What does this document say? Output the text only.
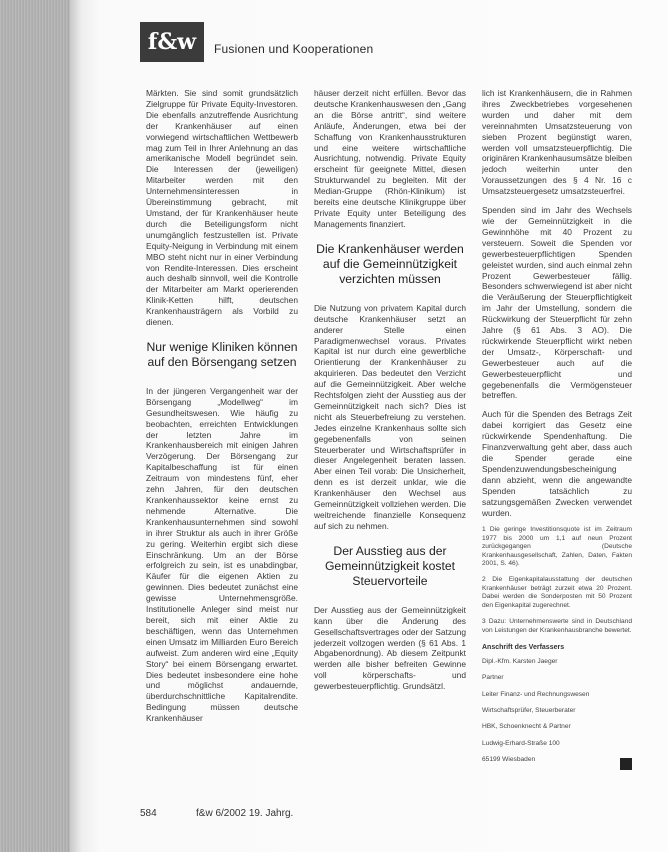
f&w	Fusionen und Kooperationen

Märkten. Sie sind somit grundsätzlich Zielgruppe für Private Equity-Investoren. Die ebenfalls anzutreffende Ausrichtung der Krankenhäuser auf einen vorwiegend wirtschaftlichen Wettbewerb mag zum Teil in Ihrer Anlehnung an das amerikanische Modell begründet sein. Die Interessen der (jeweiligen) Mitarbeiter werden mit den Unternehmensinteressen in Übereinstimmung gebracht, mit Umstand, der für Krankenhäuser heute durch die Beteiligungsform nicht unumgänglich festzustellen ist. Private Equity-Neigung in Verbindung mit einem MBO steht nicht nur in einer Verbindung von Rendite-Interessen. Dies erscheint auch deshalb sinnvoll, weil die Kontrolle der Mitarbeiter am Markt operierenden Klinik-Ketten hilft, deutschen Krankenhausträgern als Vorbild zu dienen.

Nur wenige Kliniken können auf den Börsengang setzen

In der jüngeren Vergangenheit war der Börsengang „Modellweg“ im Gesundheitswesen. Wie häufig zu beobachten, erreichten Entwicklungen der letzten Jahre im Krankenhausbereich mit einigen Jahren Verzögerung. Der Börsengang zur Kapitalbeschaffung ist für einen Zeitraum von mindestens fünf, eher zehn Jahren, für den deutschen Krankenhaussektor keine ernst zu nehmende Alternative. Die Krankenhausunternehmen sind sowohl in ihrer Struktur als auch in ihrer Größe zu gering. Weiterhin ergibt sich diese Einschränkung. Um an der Börse erfolgreich zu sein, ist es unabdingbar, Käufer für die eigenen Aktien zu gewinnen. Dies bedeutet zunächst eine gewisse Unternehmensgröße. Institutionelle Anleger sind meist nur bereit, sich mit einer Aktie zu beschäftigen, wenn das Unternehmen einen Umsatz im Milliarden Euro Bereich aufweist. Zum anderen wird eine „Equity Story“ bei einem Börsengang erwartet. Dies bedeutet insbesondere eine hohe und möglichst andauernde, überdurchschnittliche Kapitalrendite. Bedingung müssen deutsche Krankenhäuser

häuser derzeit nicht erfüllen. Bevor das deutsche Krankenhauswesen den „Gang an die Börse antritt“, sind weitere Anläufe, Änderungen, etwa bei der Schaffung von Krankenhausstrukturen und eine weitere wirtschaftliche Ausrichtung, notwendig. Private Equity erscheint für geeignete Mittel, diesen Strukturwandel zu begleiten. Mit der Median-Gruppe (Rhön-Klinikum) ist bereits eine deutsche Klinikgruppe über Private Equity unter Beteiligung des Managements finanziert.

Die Krankenhäuser werden auf die Gemeinnützigkeit verzichten müssen

Die Nutzung von privatem Kapital durch deutsche Krankenhäuser setzt an anderer Stelle einen Paradigmenwechsel voraus. Privates Kapital ist nur durch eine gewerbliche Orientierung der Krankenhäuser zu akquirieren. Das bedeutet den Verzicht auf die Gemeinnützigkeit. Aber welche Rechtsfolgen zieht der Ausstieg aus der Gemeinnützigkeit nach sich? Dies ist nicht als Steuerbefreiung zu verstehen. Jedes einzelne Krankenhaus sollte sich gegebenenfalls von seinen Steuerberater und Wirtschaftsprüfer in dieser Angelegenheit beraten lassen. Aber einen Teil vorab: Die Unsicherheit, denn es ist derzeit unklar, wie die Krankenhäuser den Wechsel aus Gemeinnützigkeit vollziehen werden. Die weitreichende finanzielle Konsequenz auf sich zu nehmen.

Der Ausstieg aus der Gemeinnützigkeit kostet Steuervorteile

Der Ausstieg aus der Gemeinnützigkeit kann über die Änderung des Gesellschaftsvertrages oder der Satzung jederzeit vollzogen werden (§ 61 Abs. 1 Abgabenordnung). Ab diesem Zeitpunkt werden alle bisher befreiten Gewinne voll körperschafts- und gewerbesteuerpflichtig. Grundsätzl.

lich ist Krankenhäusern, die in Rahmen ihres Zweckbetriebes vorgesehenen wurden und daher mit dem vereinnahmten Umsatzsteuerung von sieben Prozent begünstigt waren, werden voll umsatzsteuerpflichtig. Die originären Krankenhausumsätze bleiben jedoch weiterhin unter den Voraussetzungen des § 4 Nr. 16 c Umsatzsteuergesetz umsatzsteuerfrei.

Spenden sind im Jahr des Wechsels wie der Gemeinnützigkeit in die Gewinnhöhe mit 40 Prozent zu versteuern. Soweit die Spenden vor gewerbesteuerpflichtigen Spenden geleistet wurden, sind auch einmal zehn Prozent Gewerbesteuer fällig. Besonders schwerwiegend ist aber nicht die Veräußerung der Steuerpflichtigkeit im Jahr der Umstellung, sondern die Rückwirkung der Steuerpflicht für zehn Jahre (§ 61 Abs. 3 AO). Die rückwirkende Steuerpflicht wirkt neben der Umsatz-, Körperschaft- und Gewerbesteuer auch auf die Gewerbesteuerpflicht und gegebenenfalls die Vermögensteuer betreffen.

Auch für die Spenden des Betrags Zeit dabei korrigiert das Gesetz eine rückwirkende Spendenhaftung. Die Finanzverwaltung geht aber, dass auch die Spender gerade eine Spendenzuwendungsbescheinigung dann abzieht, wenn die angewandte Spenden tatsächlich zu satzungsgemäßen Zwecken verwendet wurden.

1 Die geringe Investitionsquote ist im Zeitraum 1977 bis 2000 um 1,1 auf neun Prozent zurückgegangen (Deutsche Krankenhausgesellschaft, Zahlen, Daten, Fakten 2001, S. 46).

2 Die Eigenkapitalausstattung der deutschen Krankenhäuser beträgt zurzeit etwa 20 Prozent. Dabei werden die Sonderposten mit 50 Prozent den Eigenkapital zugerechnet.

3 Dazu: Unternehmenswerte sind in Deutschland von Leistungen der Krankenhausbranche bewertet.

Anschrift des Verfassers

Dipl.-Kfm. Karsten Jaeger

Partner

Leiter Finanz- und Rechnungswesen

Wirtschaftsprüfer, Steuerberater

HBK, Schoenknecht & Partner

Ludwig-Erhard-Straße 100

65199 Wiesbaden

584	f&w 6/2002 19. Jahrg.
